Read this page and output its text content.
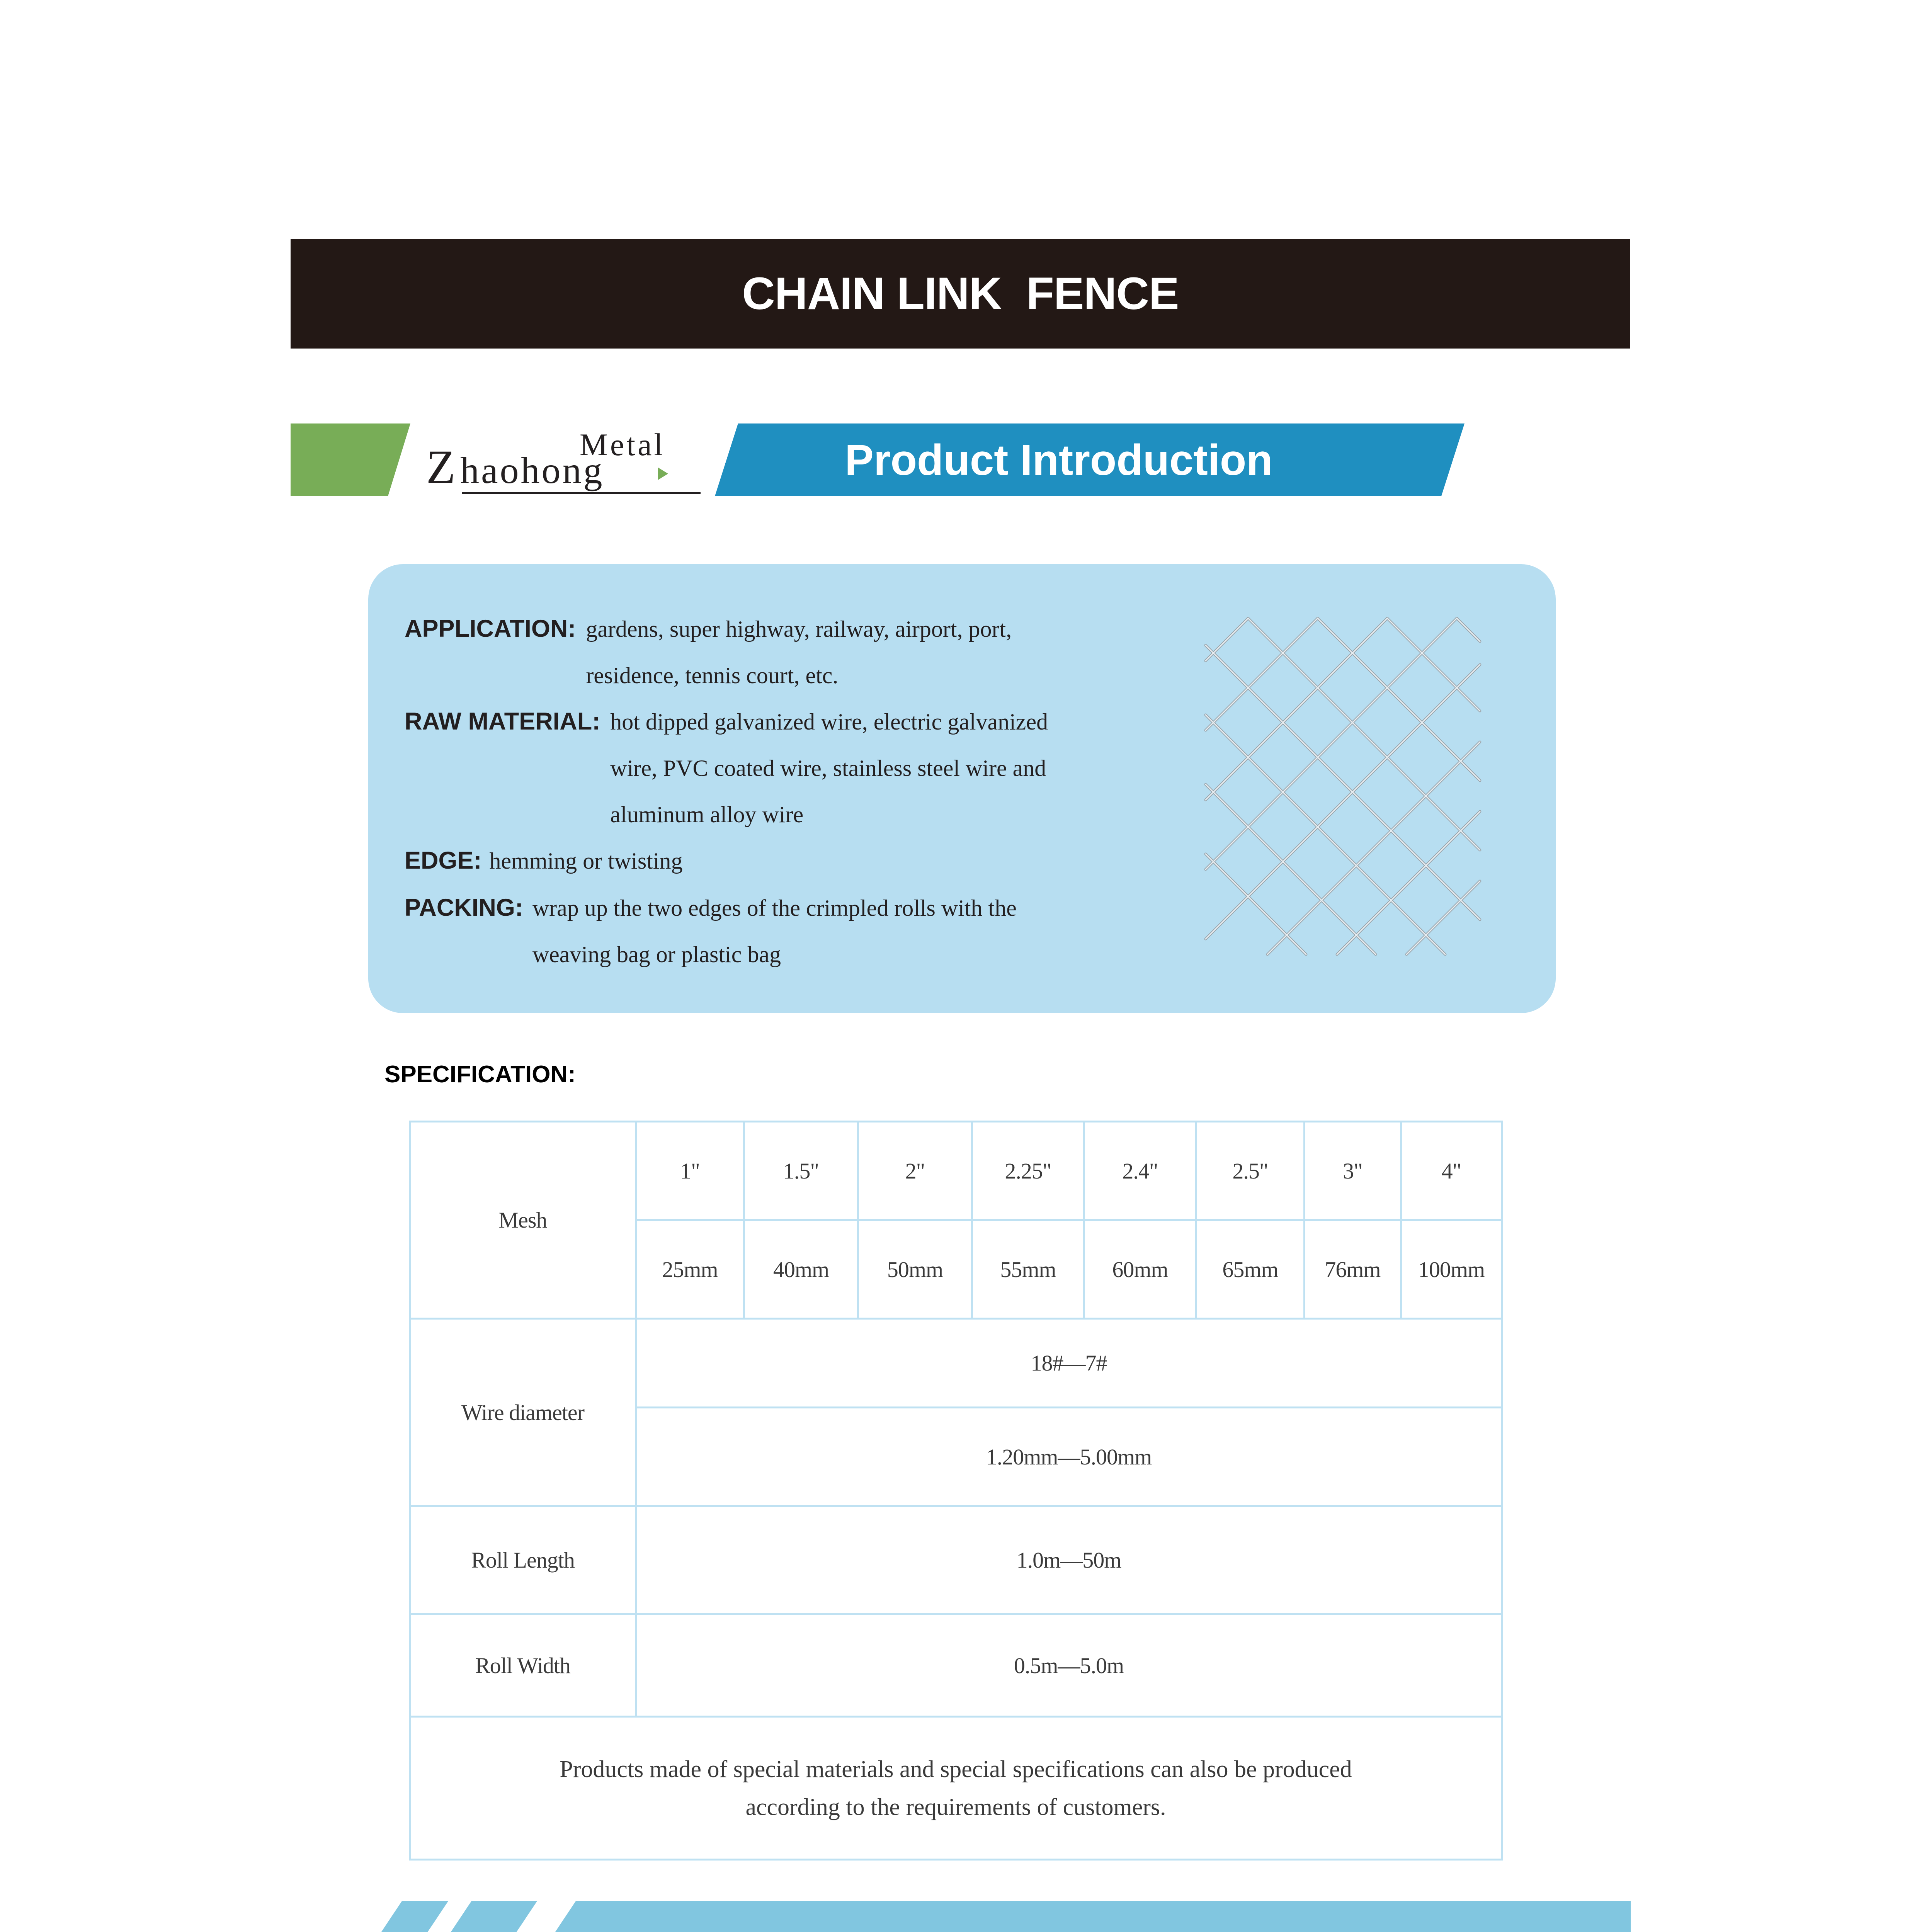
CHAIN LINK  FENCE
Z haohong
Metal	Product Introduction
APPLICATION: gardens, super highway, railway, airport, port,
residence, tennis court, etc.
RAW MATERIAL: hot dipped galvanized wire, electric galvanized
wire, PVC coated wire, stainless steel wire and
aluminum alloy wire
EDGE: hemming or twisting
PACKING: wrap up the two edges of the crimpled rolls with the
weaving bag or plastic bag
SPECIFICATION:
Mesh	1"	1.5"	2"	2.25"	2.4"	2.5"	3"	4"
	25mm	40mm	50mm	55mm	60mm	65mm	76mm	100mm
Wire diameter	18#—7#							
	1.20mm—5.00mm							
Roll Length	1.0m—50m							
Roll Width	0.5m—5.0m							

Products made of special materials and special specifications can also be produced
according to the requirements of customers.								
